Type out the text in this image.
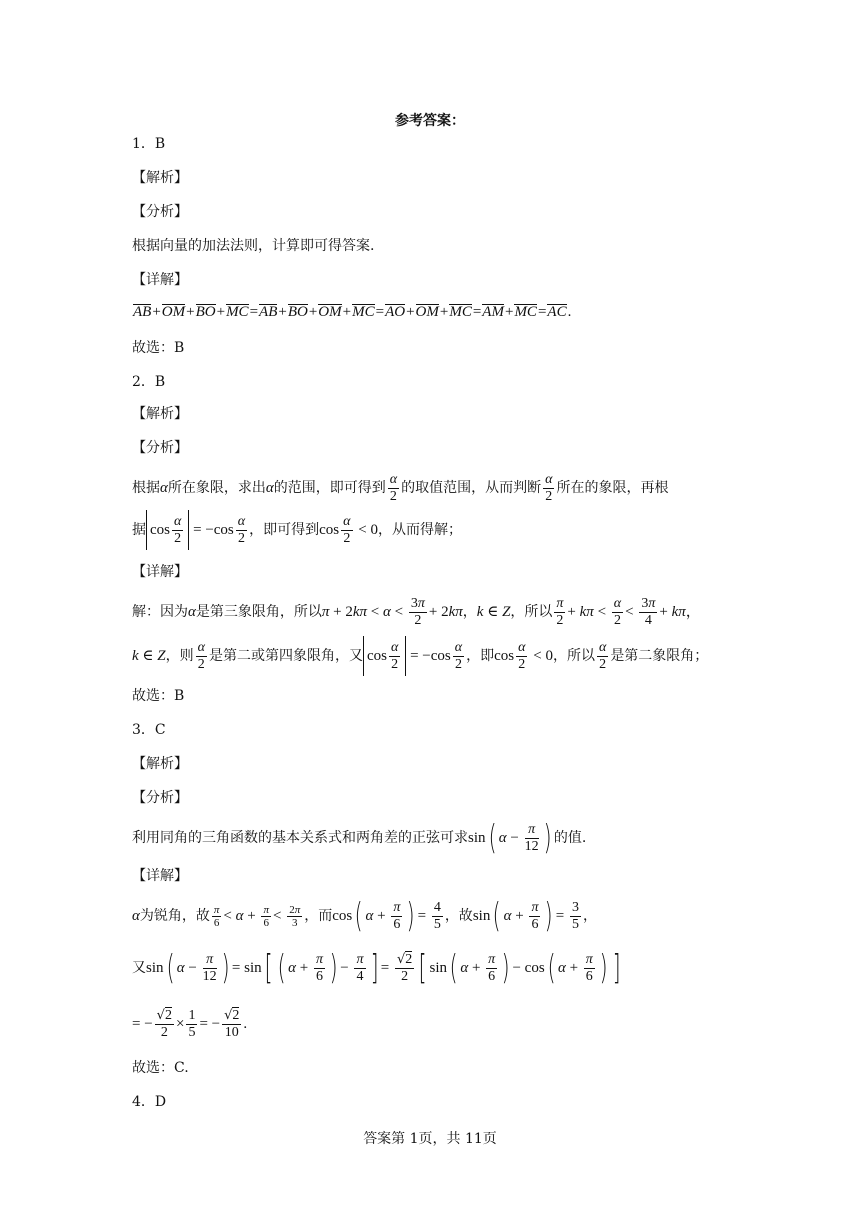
参考答案：
1．B
【解析】
【分析】
根据向量的加法法则，计算即可得答案.
【详解】
AB+OM+BO+MC=AB+BO+OM+MC=AO+OM+MC=AM+MC=AC.
故选：B
2．B
【解析】
【分析】
根据α所在象限，求出α的范围，即可得到 $\frac{\alpha}{2}$ 的取值范围，从而判断 $\frac{\alpha}{2}$ 所在的象限，再根
据 $\cos \frac{\alpha}{2} = -\cos \frac{\alpha}{2}$ ，即可得到$\cos \frac{\alpha}{2} < 0$，从而得解；
【详解】
解：因为α是第三象限角，所以$\pi + 2k\pi < \alpha < \frac{3\pi}{2} + 2k\pi$，k ∈ Z，所以 $\frac{\pi}{2} + k\pi < \frac{\alpha}{2} < \frac{3\pi}{4} + k\pi$，
k ∈ Z，则 $\frac{\alpha}{2}$ 是第二或第四象限角，又 $\cos \frac{\alpha}{2} = -\cos \frac{\alpha}{2}$ ，即$\cos \frac{\alpha}{2} < 0$，所以 $\frac{\alpha}{2}$ 是第二象限角；
故选：B
3．C
【解析】
【分析】
利用同角的三角函数的基本关系式和两角差的正弦可求sin( $\alpha - \frac{\pi}{12}$ ) 的值.
【详解】
α为锐角，故 $\frac{\pi}{6} < \alpha + \frac{\pi}{6} < \frac{2\pi}{3}$ ，而cos( $\alpha + \frac{\pi}{6}$ ) = $\frac{4}{5}$ ，故sin( $\alpha + \frac{\pi}{6}$ ) = $\frac{3}{5}$ ，
又sin( $\alpha - \frac{\pi}{12}$ ) = sin[ ( $\alpha + \frac{\pi}{6}$ ) − $\frac{\pi}{4}$ ] = $\frac{√2}{2}$ [ sin( $\alpha + \frac{\pi}{6}$ ) − cos( $\alpha + \frac{\pi}{6}$ ) ]
= − $\frac{√2}{2} \times \frac{1}{5}$ = − $\frac{√2}{10}$ .
故选：C.
4．D
答案第 1页，共 11页
